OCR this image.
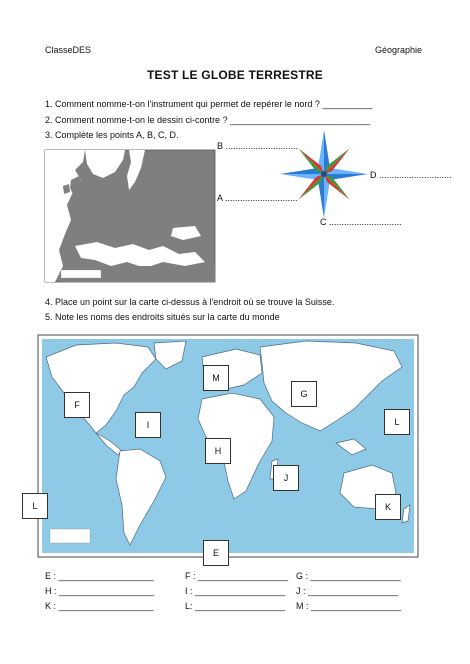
ClasseDES	Géographie
TEST LE GLOBE TERRESTRE
1. Comment nomme-t-on l'instrument qui permet de repérer le nord ? __________
2. Comment nomme-t-on le dessin ci-contre ? ____________________________
3. Complète les points A, B, C, D.
B .............................
D .............................
A .............................
C .............................
4. Place un point sur la carte ci-dessus à l'endroit où se trouve la Suisse.
5. Note les noms des endroits situés sur la carte du monde
M
G
F
I	L
H
J
L	K
E
E : ___________________	F : __________________ G : __________________
H : ___________________	I : __________________ J : __________________
K : ___________________	L: __________________ M : __________________
